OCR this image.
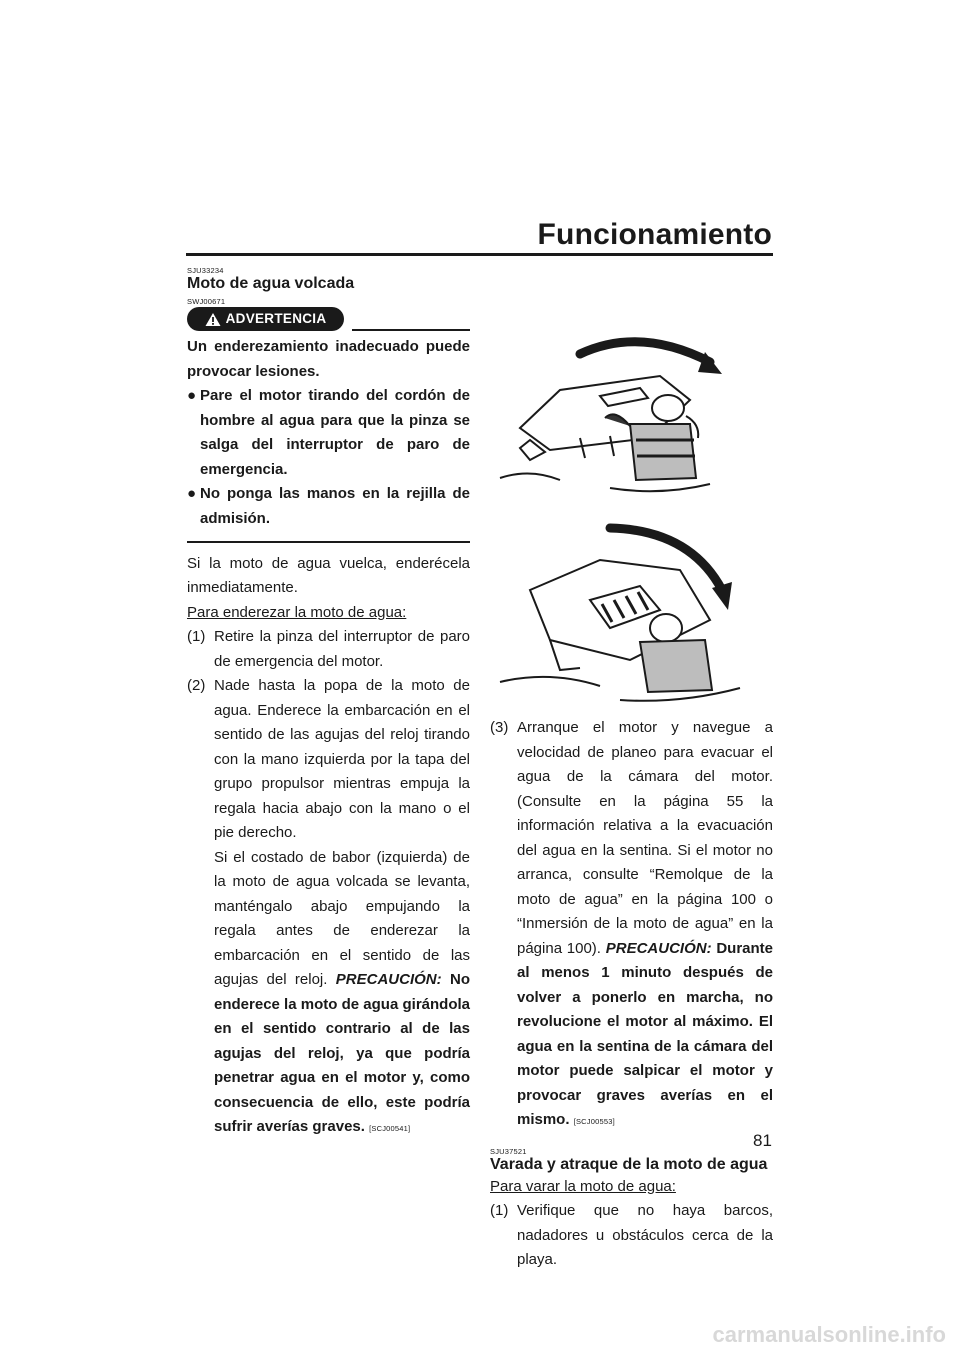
Funcionamiento
SJU33234
Moto de agua volcada
SWJ00671
ADVERTENCIA
Un enderezamiento inadecuado puede provocar lesiones.
● Pare el motor tirando del cordón de hombre al agua para que la pinza se salga del interruptor de paro de emergencia.
● No ponga las manos en la rejilla de admisión.
Si la moto de agua vuelca, enderécela inmediatamente.
Para enderezar la moto de agua:
(1) Retire la pinza del interruptor de paro de emergencia del motor.
(2) Nade hasta la popa de la moto de agua. Enderece la embarcación en el sentido de las agujas del reloj tirando con la mano izquierda por la tapa del grupo propulsor mientras empuja la regala hacia abajo con la mano o el pie derecho.
Si el costado de babor (izquierda) de la moto de agua volcada se levanta, manténgalo abajo empujando la regala antes de enderezar la embarcación en el sentido de las agujas del reloj. PRECAUCIÓN: No enderece la moto de agua girándola en el sentido contrario al de las agujas del reloj, ya que podría penetrar agua en el motor y, como consecuencia de ello, este podría sufrir averías graves. [SCJ00541]
(3) Arranque el motor y navegue a velocidad de planeo para evacuar el agua de la cámara del motor. (Consulte en la página 55 la información relativa a la evacuación del agua en la sentina. Si el motor no arranca, consulte “Remolque de la moto de agua” en la página 100 o “Inmersión de la moto de agua” en la página 100). PRECAUCIÓN: Durante al menos 1 minuto después de volver a ponerlo en marcha, no revolucione el motor al máximo. El agua en la sentina de la cámara del motor puede salpicar el motor y provocar graves averías en el mismo. [SCJ00553]
SJU37521
Varada y atraque de la moto de agua
Para varar la moto de agua:
(1) Verifique que no haya barcos, nadadores u obstáculos cerca de la playa.

81

carmanualsonline.info
